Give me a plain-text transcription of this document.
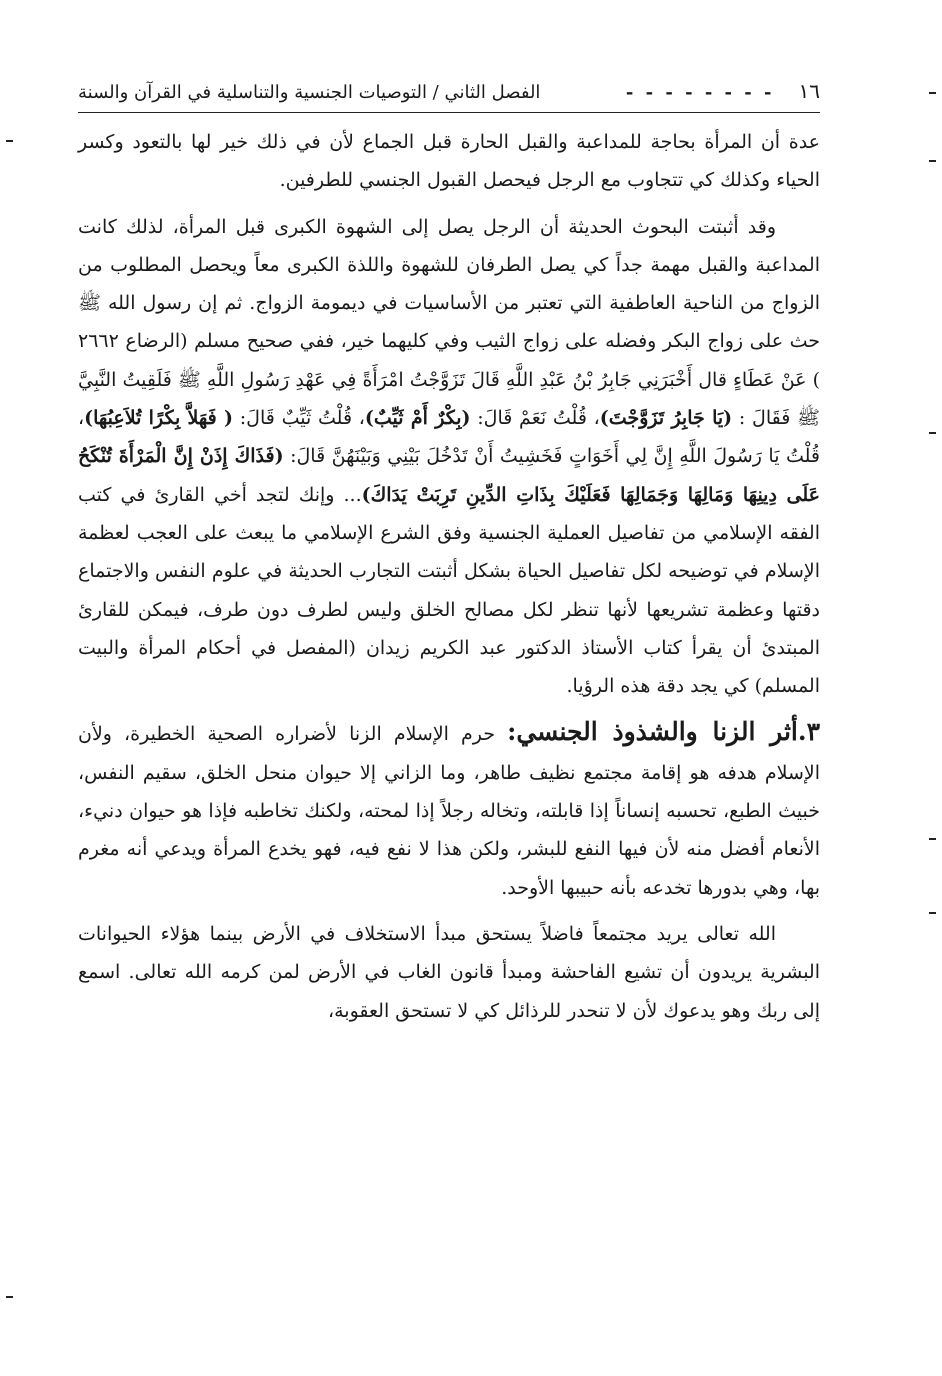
١٦
- - - - - - - -
الفصل الثاني / التوصيات الجنسية والتناسلية في القرآن والسنة

عدة أن المرأة بحاجة للمداعبة والقبل الحارة قبل الجماع لأن في ذلك خير لها بالتعود وكسر الحياء وكذلك كي تتجاوب مع الرجل فيحصل القبول الجنسي للطرفين.

وقد أثبتت البحوث الحديثة أن الرجل يصل إلى الشهوة الكبرى قبل المرأة، لذلك كانت المداعبة والقبل مهمة جداً كي يصل الطرفان للشهوة واللذة الكبرى معاً ويحصل المطلوب من الزواج من الناحية العاطفية التي تعتبر من الأساسيات في ديمومة الزواج. ثم إن رسول الله ﷺ حث على زواج البكر وفضله على زواج الثيب وفي كليهما خير، ففي صحيح مسلم (الرضاع ٢٦٦٢ ) عَنْ عَطَاءٍ قال أَخْبَرَنِي جَابِرُ بْنُ عَبْدِ اللَّهِ قَالَ تَزَوَّجْتُ امْرَأَةً فِي عَهْدِ رَسُولِ اللَّهِ ﷺ فَلَقِيتُ النَّبِيَّ ﷺ فَقَالَ : (يَا جَابِرُ تَزَوَّجْتَ)، قُلْتُ نَعَمْ قَالَ: (بِكْرٌ أَمْ ثَيِّبٌ)، قُلْتُ ثَيِّبٌ قَالَ: ( فَهَلاَّ بِكْرًا تُلاَعِبُهَا)، قُلْتُ يَا رَسُولَ اللَّهِ إِنَّ لِي أَخَوَاتٍ فَخَشِيتُ أَنْ تَدْخُلَ بَيْنِي وَبَيْنَهُنَّ قَالَ: (فَذَاكَ إِذَنْ إِنَّ الْمَرْأَةَ تُنْكَحُ عَلَى دِينِهَا وَمَالِهَا وَجَمَالِهَا فَعَلَيْكَ بِذَاتِ الدِّينِ تَرِبَتْ يَدَاكَ)... وإنك لتجد أخي القارئ في كتب الفقه الإسلامي من تفاصيل العملية الجنسية وفق الشرع الإسلامي ما يبعث على العجب لعظمة الإسلام في توضيحه لكل تفاصيل الحياة بشكل أثبتت التجارب الحديثة في علوم النفس والاجتماع دقتها وعظمة تشريعها لأنها تنظر لكل مصالح الخلق وليس لطرف دون طرف، فيمكن للقارئ المبتدئ أن يقرأ كتاب الأستاذ الدكتور عبد الكريم زيدان (المفصل في أحكام المرأة والبيت المسلم) كي يجد دقة هذه الرؤيا.

٣.أثر الزنا والشذوذ الجنسي: حرم الإسلام الزنا لأضراره الصحية الخطيرة، ولأن الإسلام هدفه هو إقامة مجتمع نظيف طاهر، وما الزاني إلا حيوان منحل الخلق، سقيم النفس، خبيث الطبع، تحسبه إنساناً إذا قابلته، وتخاله رجلاً إذا لمحته، ولكنك تخاطبه فإذا هو حيوان دنيء، الأنعام أفضل منه لأن فيها النفع للبشر، ولكن هذا لا نفع فيه، فهو يخدع المرأة ويدعي أنه مغرم بها، وهي بدورها تخدعه بأنه حبيبها الأوحد.

الله تعالى يريد مجتمعاً فاضلاً يستحق مبدأ الاستخلاف في الأرض بينما هؤلاء الحيوانات البشرية يريدون أن تشيع الفاحشة ومبدأ قانون الغاب في الأرض لمن كرمه الله تعالى. اسمع إلى ربك وهو يدعوك لأن لا تنحدر للرذائل كي لا تستحق العقوبة،
